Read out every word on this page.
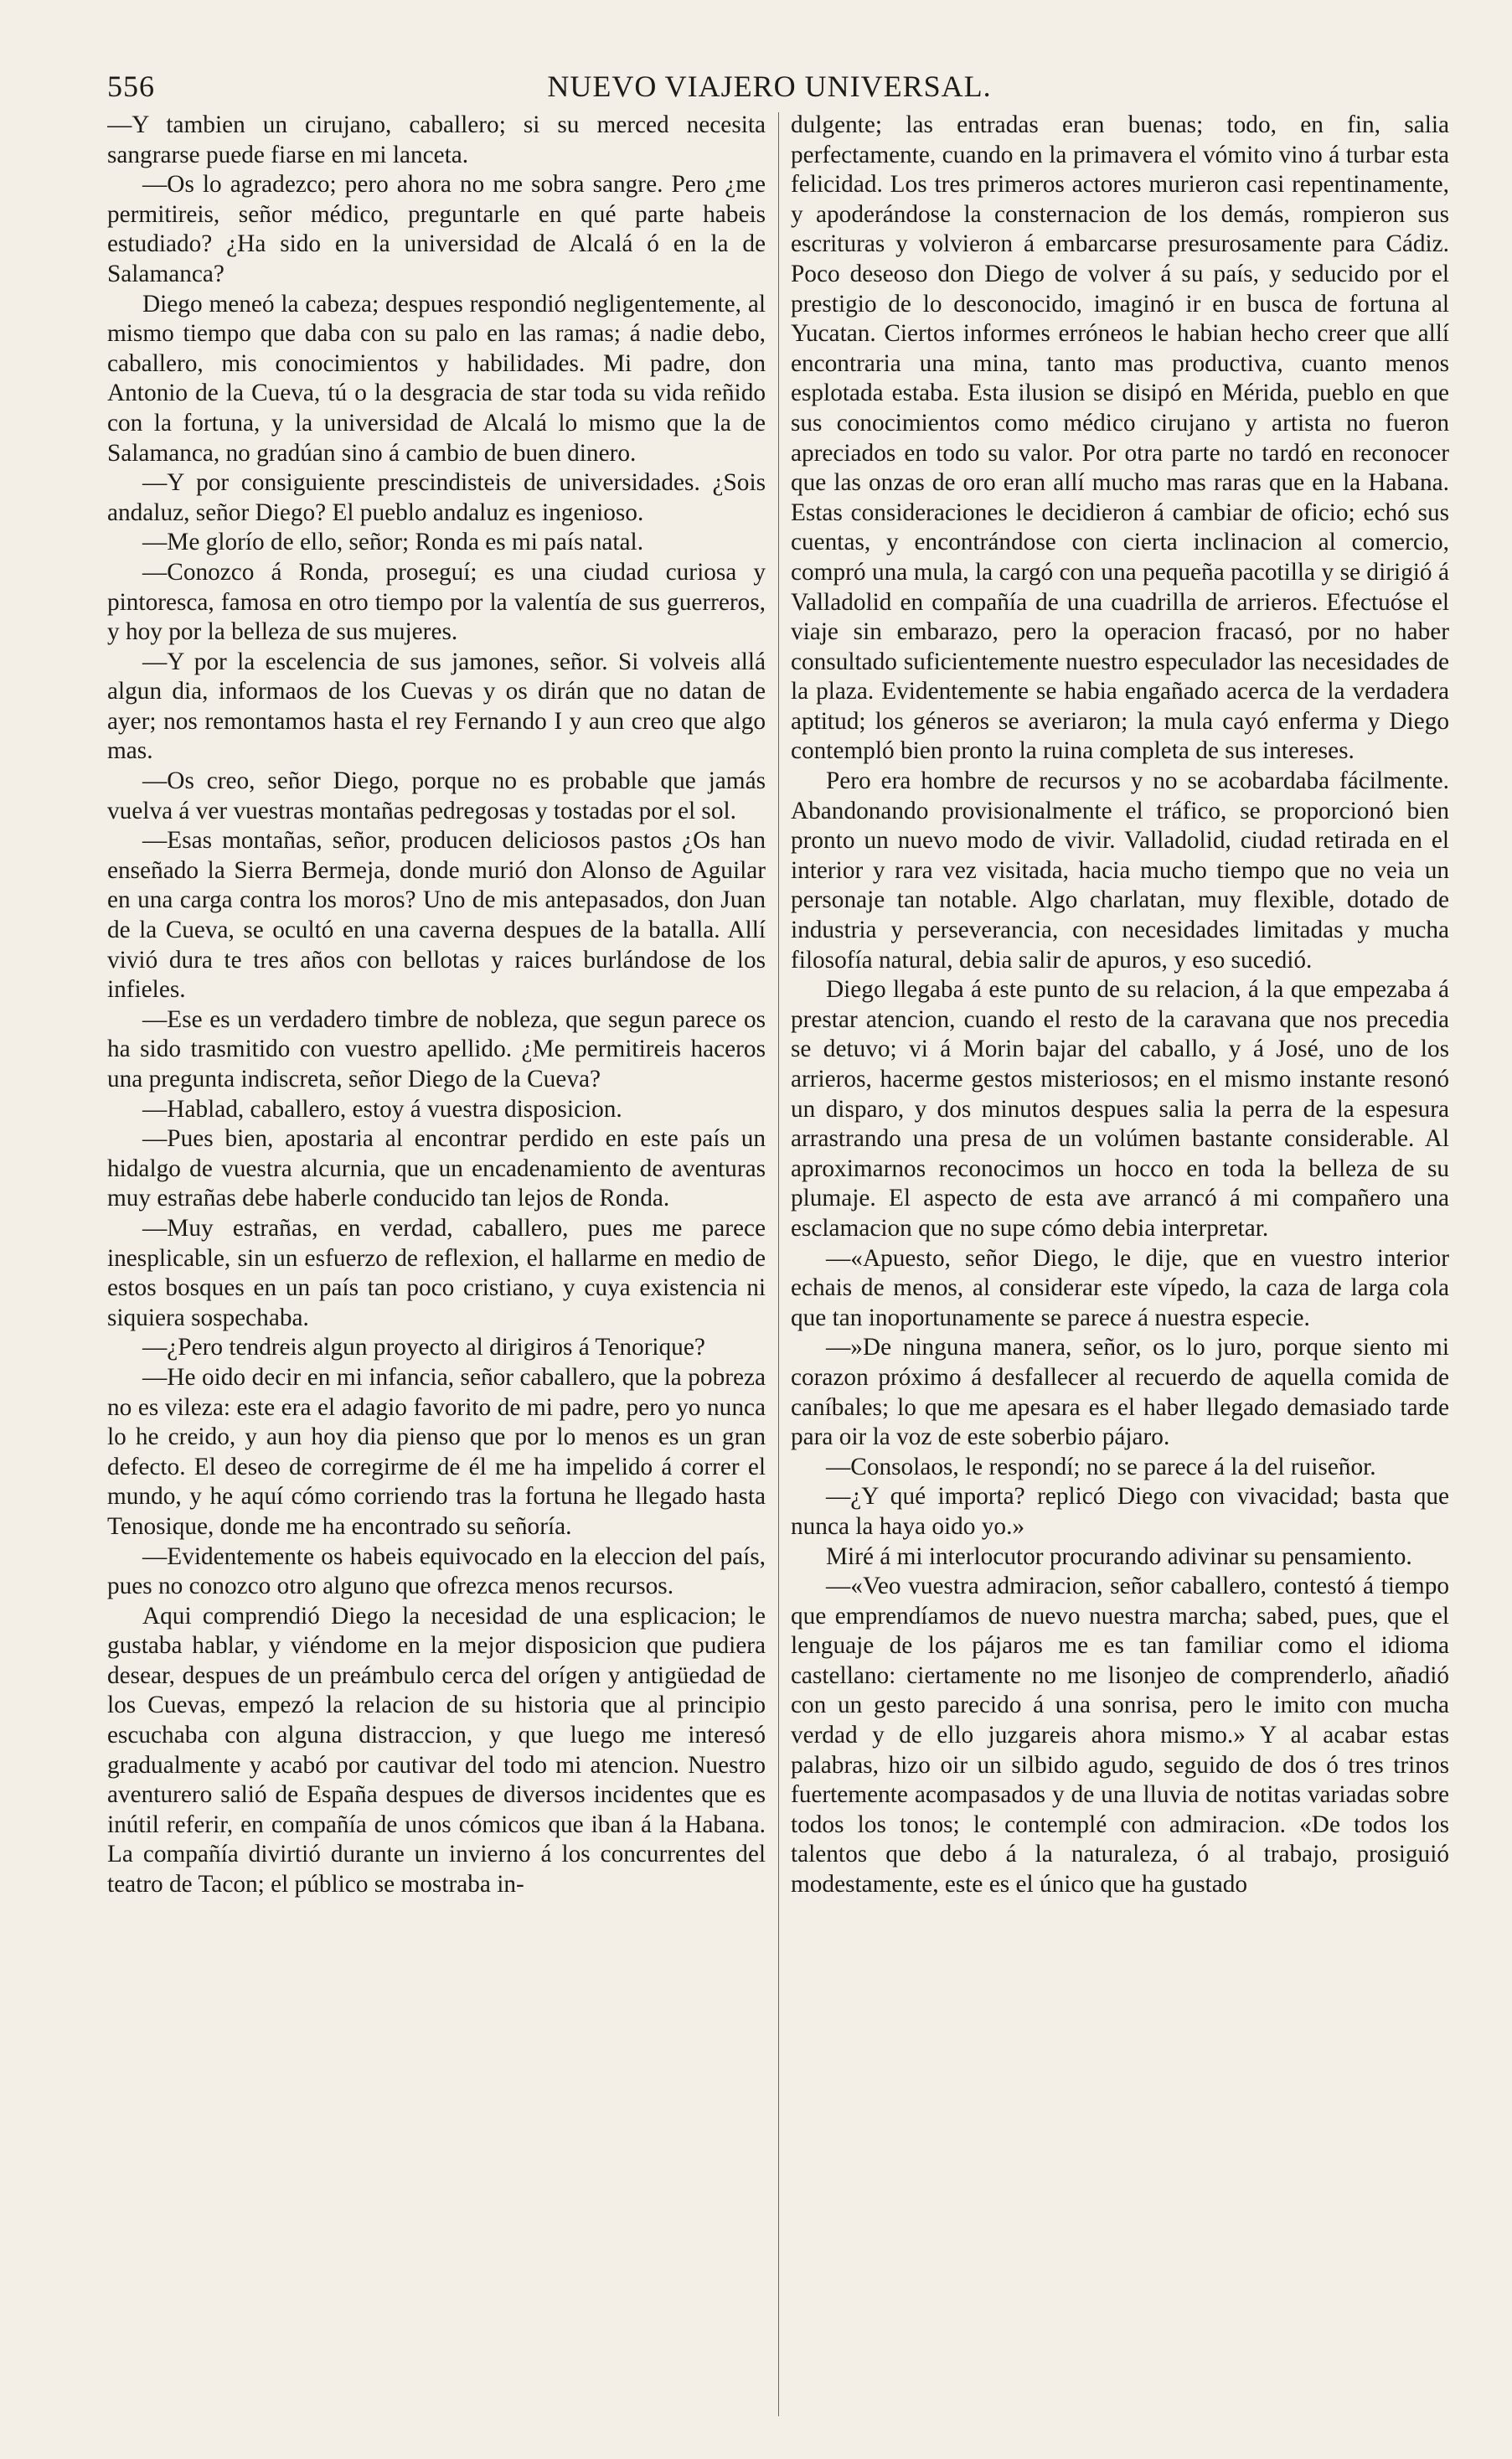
556	NUEVO VIAJERO UNIVERSAL.

—Y tambien un cirujano, caballero; si su merced necesita sangrarse puede fiarse en mi lanceta.

—Os lo agradezco; pero ahora no me sobra sangre. Pero ¿me permitireis, señor médico, preguntarle en qué parte habeis estudiado? ¿Ha sido en la universidad de Alcalá ó en la de Salamanca?

Diego meneó la cabeza; despues respondió negligentemente, al mismo tiempo que daba con su palo en las ramas; á nadie debo, caballero, mis conocimientos y habilidades. Mi padre, don Antonio de la Cueva, tú o la desgracia de star toda su vida reñido con la fortuna, y la universidad de Alcalá lo mismo que la de Salamanca, no gradúan sino á cambio de buen dinero.

—Y por consiguiente prescindisteis de universidades. ¿Sois andaluz, señor Diego? El pueblo andaluz es ingenioso.

—Me glorío de ello, señor; Ronda es mi país natal.

—Conozco á Ronda, proseguí; es una ciudad curiosa y pintoresca, famosa en otro tiempo por la valentía de sus guerreros, y hoy por la belleza de sus mujeres.

—Y por la escelencia de sus jamones, señor. Si volveis allá algun dia, informaos de los Cuevas y os dirán que no datan de ayer; nos remontamos hasta el rey Fernando I y aun creo que algo mas.

—Os creo, señor Diego, porque no es probable que jamás vuelva á ver vuestras montañas pedregosas y tostadas por el sol.

—Esas montañas, señor, producen deliciosos pastos ¿Os han enseñado la Sierra Bermeja, donde murió don Alonso de Aguilar en una carga contra los moros? Uno de mis antepasados, don Juan de la Cueva, se ocultó en una caverna despues de la batalla. Allí vivió dura te tres años con bellotas y raices burlándose de los infieles.

—Ese es un verdadero timbre de nobleza, que segun parece os ha sido trasmitido con vuestro apellido. ¿Me permitireis haceros una pregunta indiscreta, señor Diego de la Cueva?

—Hablad, caballero, estoy á vuestra disposicion.

—Pues bien, apostaria al encontrar perdido en este país un hidalgo de vuestra alcurnia, que un encadenamiento de aventuras muy estrañas debe haberle conducido tan lejos de Ronda.

—Muy estrañas, en verdad, caballero, pues me parece inesplicable, sin un esfuerzo de reflexion, el hallarme en medio de estos bosques en un país tan poco cristiano, y cuya existencia ni siquiera sospechaba.

—¿Pero tendreis algun proyecto al dirigiros á Tenorique?

—He oido decir en mi infancia, señor caballero, que la pobreza no es vileza: este era el adagio favorito de mi padre, pero yo nunca lo he creido, y aun hoy dia pienso que por lo menos es un gran defecto. El deseo de corregirme de él me ha impelido á correr el mundo, y he aquí cómo corriendo tras la fortuna he llegado hasta Tenosique, donde me ha encontrado su señoría.

—Evidentemente os habeis equivocado en la eleccion del país, pues no conozco otro alguno que ofrezca menos recursos.

Aqui comprendió Diego la necesidad de una esplicacion; le gustaba hablar, y viéndome en la mejor disposicion que pudiera desear, despues de un preámbulo cerca del orígen y antigüedad de los Cuevas, empezó la relacion de su historia que al principio escuchaba con alguna distraccion, y que luego me interesó gradualmente y acabó por cautivar del todo mi atencion. Nuestro aventurero salió de España despues de diversos incidentes que es inútil referir, en compañía de unos cómicos que iban á la Habana. La compañía divirtió durante un invierno á los concurrentes del teatro de Tacon; el público se mostraba in-

dulgente; las entradas eran buenas; todo, en fin, salia perfectamente, cuando en la primavera el vómito vino á turbar esta felicidad. Los tres primeros actores murieron casi repentinamente, y apoderándose la consternacion de los demás, rompieron sus escrituras y volvieron á embarcarse presurosamente para Cádiz. Poco deseoso don Diego de volver á su país, y seducido por el prestigio de lo desconocido, imaginó ir en busca de fortuna al Yucatan. Ciertos informes erróneos le habian hecho creer que allí encontraria una mina, tanto mas productiva, cuanto menos esplotada estaba. Esta ilusion se disipó en Mérida, pueblo en que sus conocimientos como médico cirujano y artista no fueron apreciados en todo su valor. Por otra parte no tardó en reconocer que las onzas de oro eran allí mucho mas raras que en la Habana. Estas consideraciones le decidieron á cambiar de oficio; echó sus cuentas, y encontrándose con cierta inclinacion al comercio, compró una mula, la cargó con una pequeña pacotilla y se dirigió á Valladolid en compañía de una cuadrilla de arrieros. Efectuóse el viaje sin embarazo, pero la operacion fracasó, por no haber consultado suficientemente nuestro especulador las necesidades de la plaza. Evidentemente se habia engañado acerca de la verdadera aptitud; los géneros se averiaron; la mula cayó enferma y Diego contempló bien pronto la ruina completa de sus intereses.

Pero era hombre de recursos y no se acobardaba fácilmente. Abandonando provisionalmente el tráfico, se proporcionó bien pronto un nuevo modo de vivir. Valladolid, ciudad retirada en el interior y rara vez visitada, hacia mucho tiempo que no veia un personaje tan notable. Algo charlatan, muy flexible, dotado de industria y perseverancia, con necesidades limitadas y mucha filosofía natural, debia salir de apuros, y eso sucedió.

Diego llegaba á este punto de su relacion, á la que empezaba á prestar atencion, cuando el resto de la caravana que nos precedia se detuvo; vi á Morin bajar del caballo, y á José, uno de los arrieros, hacerme gestos misteriosos; en el mismo instante resonó un disparo, y dos minutos despues salia la perra de la espesura arrastrando una presa de un volúmen bastante considerable. Al aproximarnos reconocimos un hocco en toda la belleza de su plumaje. El aspecto de esta ave arrancó á mi compañero una esclamacion que no supe cómo debia interpretar.

—«Apuesto, señor Diego, le dije, que en vuestro interior echais de menos, al considerar este vípedo, la caza de larga cola que tan inoportunamente se parece á nuestra especie.

—»De ninguna manera, señor, os lo juro, porque siento mi corazon próximo á desfallecer al recuerdo de aquella comida de caníbales; lo que me apesara es el haber llegado demasiado tarde para oir la voz de este soberbio pájaro.

—Consolaos, le respondí; no se parece á la del ruiseñor.

—¿Y qué importa? replicó Diego con vivacidad; basta que nunca la haya oido yo.»

Miré á mi interlocutor procurando adivinar su pensamiento.

—«Veo vuestra admiracion, señor caballero, contestó á tiempo que emprendíamos de nuevo nuestra marcha; sabed, pues, que el lenguaje de los pájaros me es tan familiar como el idioma castellano: ciertamente no me lisonjeo de comprenderlo, añadió con un gesto parecido á una sonrisa, pero le imito con mucha verdad y de ello juzgareis ahora mismo.» Y al acabar estas palabras, hizo oir un silbido agudo, seguido de dos ó tres trinos fuertemente acompasados y de una lluvia de notitas variadas sobre todos los tonos; le contemplé con admiracion. «De todos los talentos que debo á la naturaleza, ó al trabajo, prosiguió modestamente, este es el único que ha gustado
